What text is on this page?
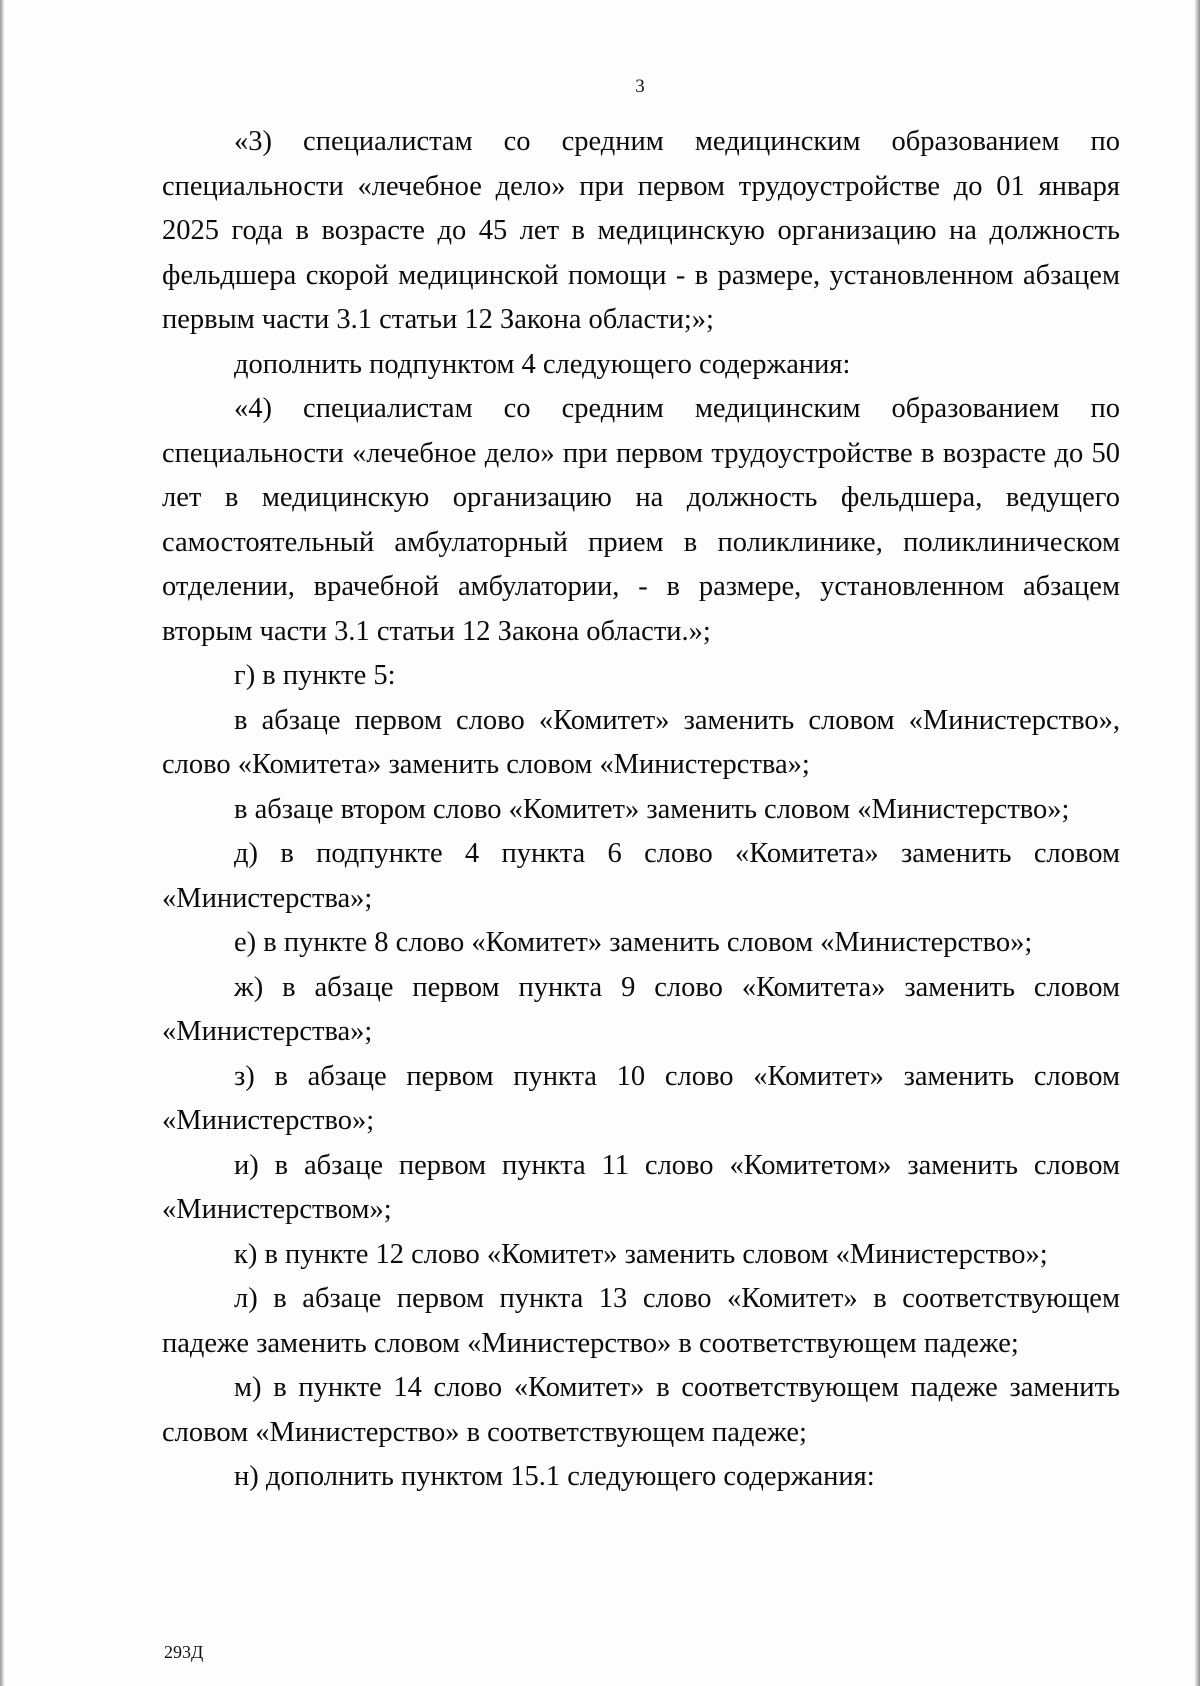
3

«3) специалистам со средним медицинским образованием по специальности «лечебное дело» при первом трудоустройстве до 01 января 2025 года в возрасте до 45 лет в медицинскую организацию на должность фельдшера скорой медицинской помощи - в размере, установленном абзацем первым части 3.1 статьи 12 Закона области;»;

дополнить подпунктом 4 следующего содержания:

«4) специалистам со средним медицинским образованием по специальности «лечебное дело» при первом трудоустройстве в возрасте до 50 лет в медицинскую организацию на должность фельдшера, ведущего самостоятельный амбулаторный прием в поликлинике, поликлиническом отделении, врачебной амбулатории, - в размере, установленном абзацем вторым части 3.1 статьи 12 Закона области.»;

г) в пункте 5:

в абзаце первом слово «Комитет» заменить словом «Министерство», слово «Комитета» заменить словом «Министерства»;

в абзаце втором слово «Комитет» заменить словом «Министерство»;

д) в подпункте 4 пункта 6 слово «Комитета» заменить словом «Министерства»;

е) в пункте 8 слово «Комитет» заменить словом «Министерство»;

ж) в абзаце первом пункта 9 слово «Комитета» заменить словом «Министерства»;

з) в абзаце первом пункта 10 слово «Комитет» заменить словом «Министерство»;

и) в абзаце первом пункта 11 слово «Комитетом» заменить словом «Министерством»;

к) в пункте 12 слово «Комитет» заменить словом «Министерство»;

л) в абзаце первом пункта 13 слово «Комитет» в соответствующем падеже заменить словом «Министерство» в соответствующем падеже;

м) в пункте 14 слово «Комитет» в соответствующем падеже заменить словом «Министерство» в соответствующем падеже;

н) дополнить пунктом 15.1 следующего содержания:

293Д
